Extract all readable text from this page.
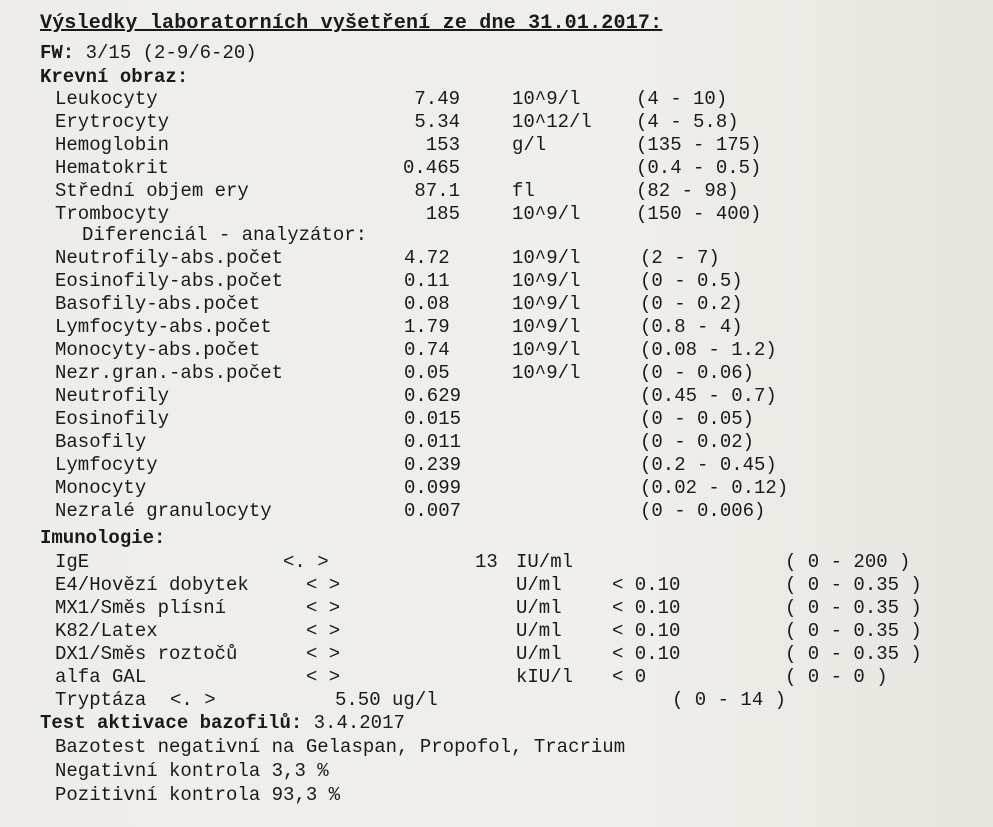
Výsledky laboratorních vyšetření ze dne 31.01.2017:
FW: 3/15 (2-9/6-20)
Krevní obraz:
Leukocyty	7.49	10^9/l	(4 - 10)
Erytrocyty	5.34	10^12/l (4 - 5.8)
Hemoglobin	153	g/l	(135 - 175)
Hematokrit	0.465	(0.4 - 0.5)
Střední objem ery	87.1	fl	(82 - 98)
Trombocyty	185	10^9/l	(150 - 400)
Diferenciál - analyzátor:
Neutrofily-abs.počet	4.72	10^9/l	(2 - 7)
Eosinofily-abs.počet	0.11	10^9/l	(0 - 0.5)
Basofily-abs.počet	0.08	10^9/l	(0 - 0.2)
Lymfocyty-abs.počet	1.79	10^9/l	(0.8 - 4)
Monocyty-abs.počet	0.74	10^9/l	(0.08 - 1.2)
Nezr.gran.-abs.počet	0.05	10^9/l	(0 - 0.06)
Neutrofily	0.629	(0.45 - 0.7)
Eosinofily	0.015	(0 - 0.05)
Basofily	0.011	(0 - 0.02)
Lymfocyty	0.239	(0.2 - 0.45)
Monocyty	0.099	(0.02 - 0.12)
Nezralé granulocyty	0.007	(0 - 0.006)
Imunologie:
IgE	<. >	13 IU/ml	( 0 - 200 )
E4/Hovězí dobytek	< >	U/ml	< 0.10	( 0 - 0.35 )
MX1/Směs plísní	< >	U/ml	< 0.10	( 0 - 0.35 )
K82/Latex	< >	U/ml	< 0.10	( 0 - 0.35 )
DX1/Směs roztočů	< >	U/ml	< 0.10	( 0 - 0.35 )
alfa GAL	< >	kIU/l < 0	( 0 - 0 )
Tryptáza <. >	5.50 ug/l	( 0 - 14 )
Test aktivace bazofilů: 3.4.2017
Bazotest negativní na Gelaspan, Propofol, Tracrium
Negativní kontrola 3,3 %
Pozitivní kontrola 93,3 %
